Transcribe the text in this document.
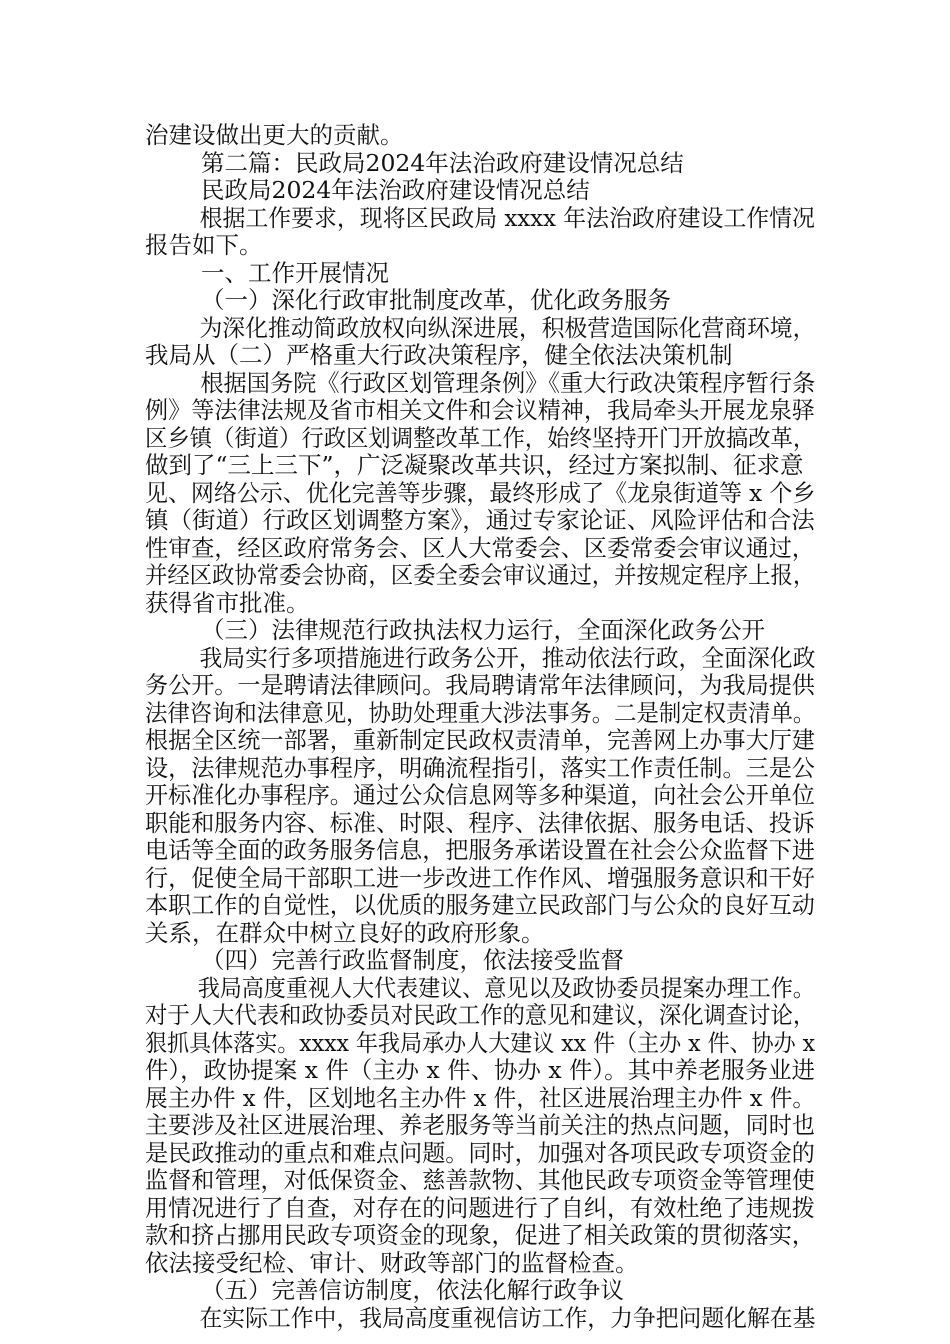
治建设做出更大的贡献。
第二篇：民政局2024年法治政府建设情况总结
民政局2024年法治政府建设情况总结
根据工作要求，现将区民政局 xxxx 年法治政府建设工作情况
报告如下。
一、工作开展情况
（一）深化行政审批制度改革，优化政务服务
为深化推动简政放权向纵深进展，积极营造国际化营商环境，
我局从（二）严格重大行政决策程序，健全依法决策机制
根据国务院《行政区划管理条例》《重大行政决策程序暂行条
例》等法律法规及省市相关文件和会议精神，我局牵头开展龙泉驿
区乡镇（街道）行政区划调整改革工作，始终坚持开门开放搞改革，
做到了“三上三下”，广泛凝聚改革共识，经过方案拟制、征求意
见、网络公示、优化完善等步骤，最终形成了《龙泉街道等 x 个乡
镇（街道）行政区划调整方案》，通过专家论证、风险评估和合法
性审查，经区政府常务会、区人大常委会、区委常委会审议通过，
并经区政协常委会协商，区委全委会审议通过，并按规定程序上报，
获得省市批准。
（三）法律规范行政执法权力运行，全面深化政务公开
我局实行多项措施进行政务公开，推动依法行政，全面深化政
务公开。一是聘请法律顾问。我局聘请常年法律顾问，为我局提供
法律咨询和法律意见，协助处理重大涉法事务。二是制定权责清单。
根据全区统一部署，重新制定民政权责清单，完善网上办事大厅建
设，法律规范办事程序，明确流程指引，落实工作责任制。三是公
开标准化办事程序。通过公众信息网等多种渠道，向社会公开单位
职能和服务内容、标准、时限、程序、法律依据、服务电话、投诉
电话等全面的政务服务信息，把服务承诺设置在社会公众监督下进
行，促使全局干部职工进一步改进工作作风、增强服务意识和干好
本职工作的自觉性，以优质的服务建立民政部门与公众的良好互动
关系，在群众中树立良好的政府形象。
（四）完善行政监督制度，依法接受监督
我局高度重视人大代表建议、意见以及政协委员提案办理工作。
对于人大代表和政协委员对民政工作的意见和建议，深化调查讨论，
狠抓具体落实。xxxx 年我局承办人大建议 xx 件（主办 x 件、协办 x
件），政协提案 x 件（主办 x 件、协办 x 件）。其中养老服务业进
展主办件 x 件，区划地名主办件 x 件，社区进展治理主办件 x 件。
主要涉及社区进展治理、养老服务等当前关注的热点问题，同时也
是民政推动的重点和难点问题。同时，加强对各项民政专项资金的
监督和管理，对低保资金、慈善款物、其他民政专项资金等管理使
用情况进行了自查，对存在的问题进行了自纠，有效杜绝了违规拨
款和挤占挪用民政专项资金的现象，促进了相关政策的贯彻落实，
依法接受纪检、审计、财政等部门的监督检查。
（五）完善信访制度，依法化解行政争议
在实际工作中，我局高度重视信访工作，力争把问题化解在基
